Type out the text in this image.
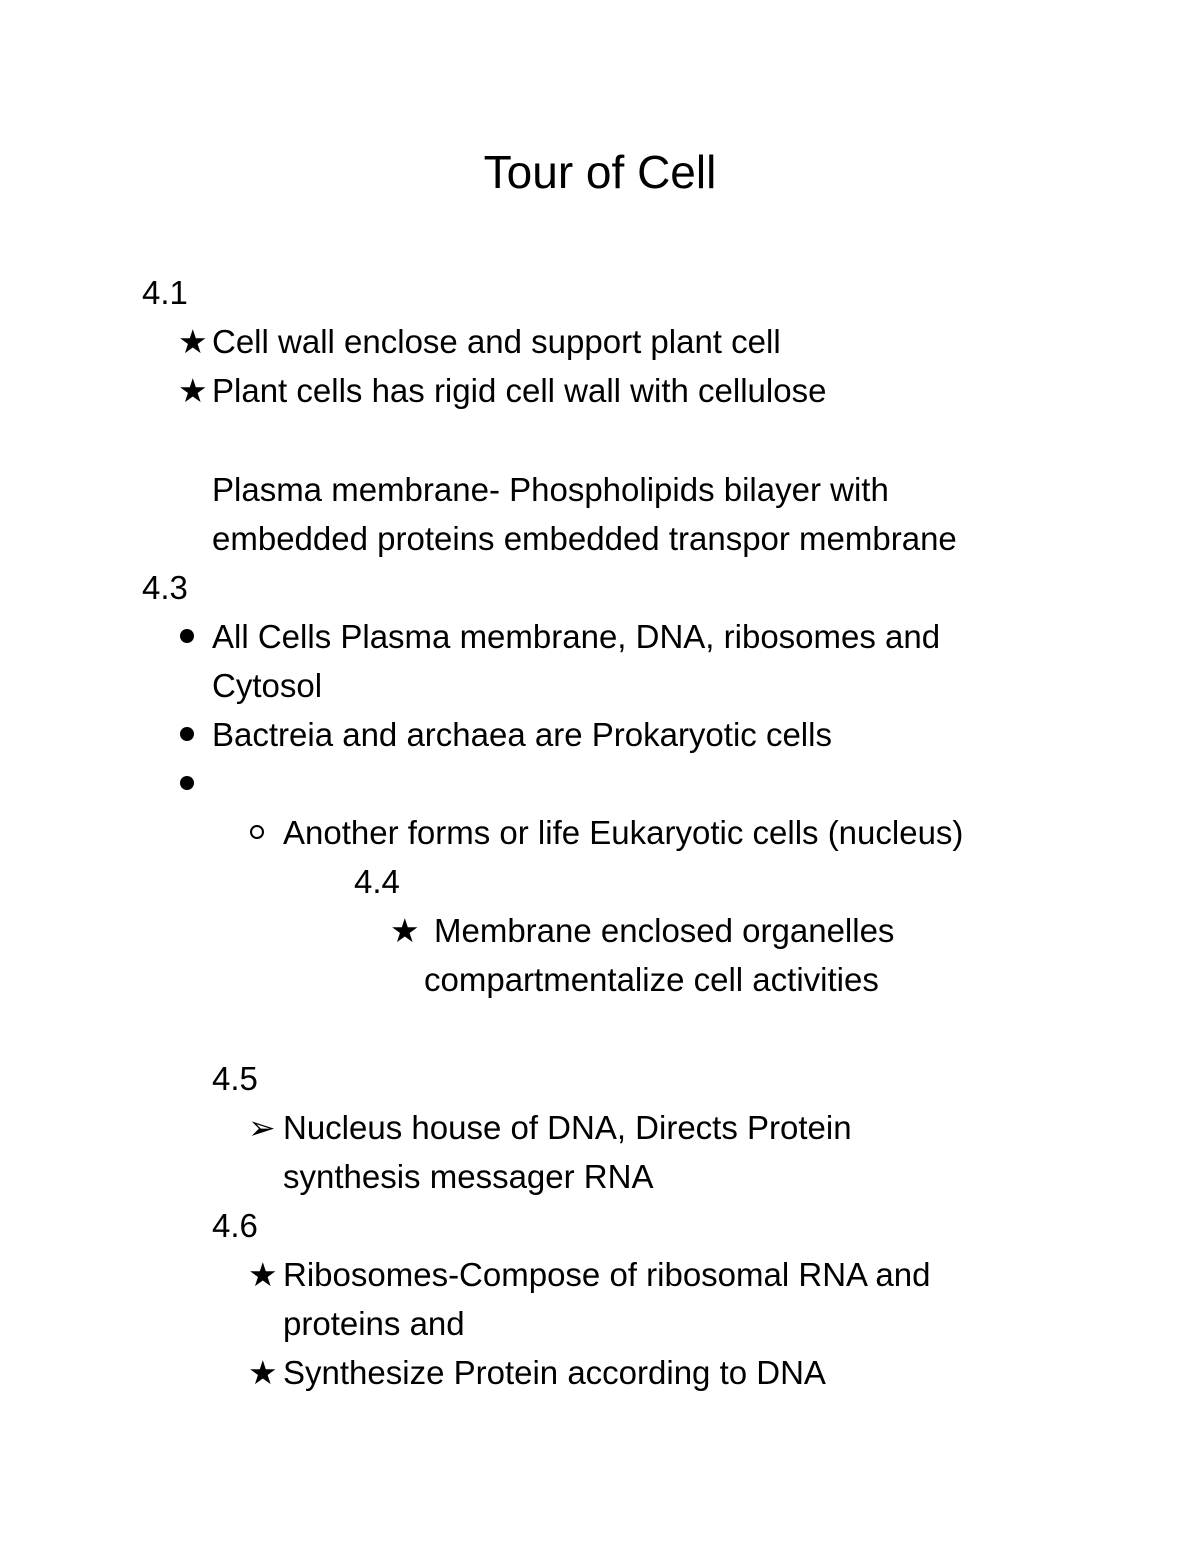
Tour of Cell
4.1
★ Cell wall enclose and support plant cell
★ Plant cells has rigid cell wall with cellulose
Plasma membrane- Phospholipids bilayer with
embedded proteins embedded transpor membrane
4.3
All Cells Plasma membrane, DNA, ribosomes and
Cytosol
Bactreia and archaea are Prokaryotic cells
Another forms or life Eukaryotic cells (nucleus)
4.4
★ Membrane enclosed organelles
compartmentalize cell activities
4.5
➢ Nucleus house of DNA, Directs Protein
synthesis messager RNA
4.6
★ Ribosomes-Compose of ribosomal RNA and
proteins and
★ Synthesize Protein according to DNA
